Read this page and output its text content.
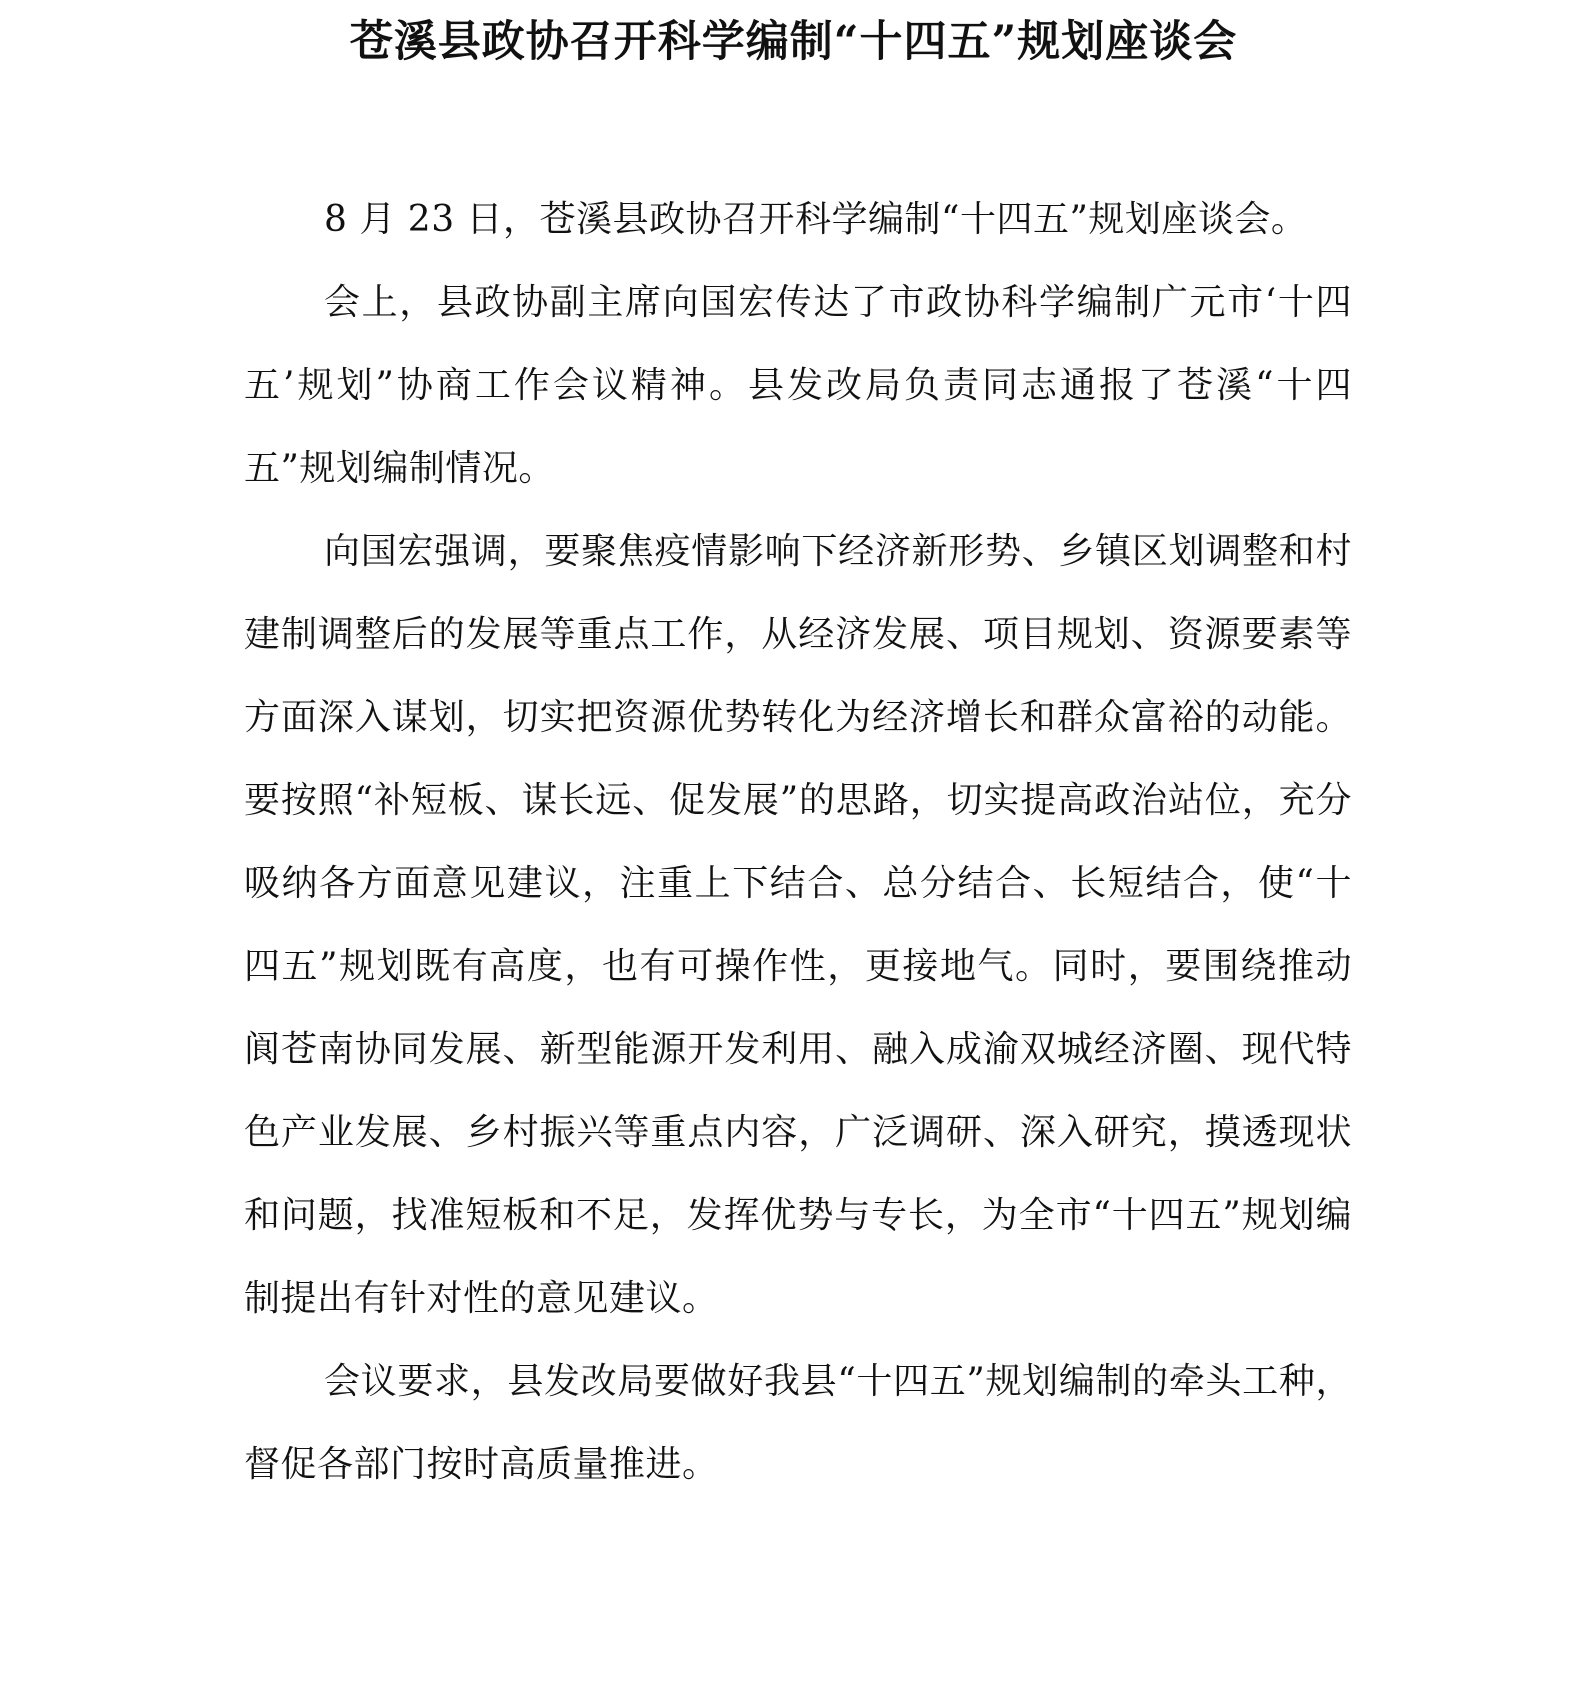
苍溪县政协召开科学编制“十四五”规划座谈会

8 月 23 日，苍溪县政协召开科学编制“十四五”规划座谈会。

会上，县政协副主席向国宏传达了市政协科学编制广元市‘十四五’规划”协商工作会议精神。县发改局负责同志通报了苍溪“十四五”规划编制情况。

向国宏强调，要聚焦疫情影响下经济新形势、乡镇区划调整和村建制调整后的发展等重点工作，从经济发展、项目规划、资源要素等方面深入谋划，切实把资源优势转化为经济增长和群众富裕的动能。要按照“补短板、谋长远、促发展”的思路，切实提高政治站位，充分吸纳各方面意见建议，注重上下结合、总分结合、长短结合，使“十四五”规划既有高度，也有可操作性，更接地气。同时，要围绕推动阆苍南协同发展、新型能源开发利用、融入成渝双城经济圈、现代特色产业发展、乡村振兴等重点内容，广泛调研、深入研究，摸透现状和问题，找准短板和不足，发挥优势与专长，为全市“十四五”规划编制提出有针对性的意见建议。

会议要求，县发改局要做好我县“十四五”规划编制的牵头工种，督促各部门按时高质量推进。
